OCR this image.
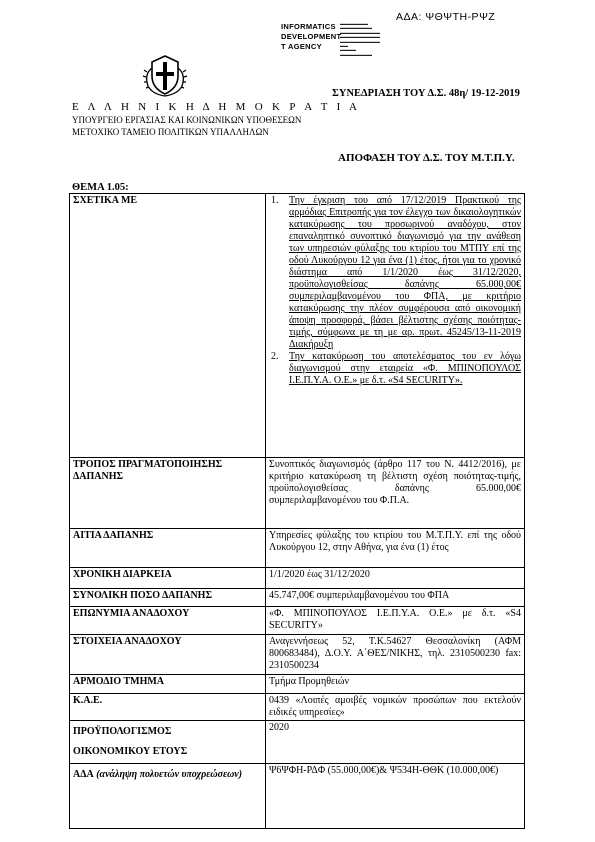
ΑΔΑ: ΨΘΨΤΗ-ΡΨΖ
INFORMATICS
DEVELOPMENT
T AGENCY
▬▬▬▬▬▬▬
▬▬▬▬▬▬▬▬
▬▬▬▬▬▬▬▬▬▬
▬▬▬▬▬▬▬▬▬▬
▬▬▬▬▬▬▬▬▬▬
▬▬
▬▬▬▬
▬▬▬▬▬▬▬▬
ΣΥΝΕΔΡΙΑΣΗ ΤΟΥ Δ.Σ. 48η/ 19-12-2019
Ε Λ Λ Η Ν Ι Κ Η Δ Η Μ Ο Κ Ρ Α Τ Ι Α
ΥΠΟΥΡΓΕΙΟ ΕΡΓΑΣΙΑΣ ΚΑΙ ΚΟΙΝΩΝΙΚΩΝ ΥΠΟΘΕΣΕΩΝ
ΜΕΤΟΧΙΚΟ ΤΑΜΕΙΟ ΠΟΛΙΤΙΚΩΝ ΥΠΑΛΛΗΛΩΝ
ΑΠΟΦΑΣΗ ΤΟΥ Δ.Σ. ΤΟΥ Μ.Τ.Π.Υ.
ΘΕΜΑ 1.05:
ΣΧΕΤΙΚΑ ΜΕ	1. Την έγκριση του από 17/12/2019 Πρακτικού της αρμόδιας Επιτροπής για τον έλεγχο των δικαιολογητικών κατακύρωσης του προσωρινού αναδόχου, στον επαναληπτικό συνοπτικό διαγωνισμό για την ανάθεση των υπηρεσιών φύλαξης του κτιρίου του ΜΤΠΥ επί της οδού Λυκούργου 12 για ένα (1) έτος, ήτοι για το χρονικό διάστημα από 1/1/2020 έως 31/12/2020, προϋπολογισθείσας δαπάνης 65.000,00€ συμπεριλαμβανομένου του ΦΠΑ, με κριτήριο κατακύρωσης την πλέον συμφέρουσα από οικονομική άποψη προσφορά, βάσει βέλτιστης σχέσης ποιότητας-τιμής, σύμφωνα με τη με αρ. πρωτ. 45245/13-11-2019 Διακήρυξη
2. Την κατακύρωση του αποτελέσματος του εν λόγω διαγωνισμού στην εταιρεία «Φ. ΜΠΙΝΟΠΟΥΛΟΣ Ι.Ε.Π.Υ.Α. Ο.Ε.» με δ.τ. «S4 SECURITY».

ΤΡΟΠΟΣ ΠΡΑΓΜΑΤΟΠΟΙΗΣΗΣ ΔΑΠΑΝΗΣ	Συνοπτικός διαγωνισμός (άρθρο 117 του Ν. 4412/2016), με κριτήριο κατακύρωση τη βέλτιστη σχέση ποιότητας-τιμής, προϋπολογισθείσας δαπάνης 65.000,00€ συμπεριλαμβανομένου του Φ.Π.Α.
ΑΙΤΙΑ ΔΑΠΑΝΗΣ	Υπηρεσίες φύλαξης του κτιρίου του Μ.Τ.Π.Υ. επί της οδού Λυκούργου 12, στην Αθήνα, για ένα (1) έτος
ΧΡΟΝΙΚΗ ΔΙΑΡΚΕΙΑ	1/1/2020 έως 31/12/2020
ΣΥΝΟΛΙΚΗ ΠΟΣΟ ΔΑΠΑΝΗΣ	45.747,00€ συμπεριλαμβανομένου του ΦΠΑ
ΕΠΩΝΥΜΙΑ ΑΝΑΔΟΧΟΥ	«Φ. ΜΠΙΝΟΠΟΥΛΟΣ Ι.Ε.Π.Υ.Α. Ο.Ε.» με δ.τ. «S4 SECURITY»
ΣΤΟΙΧΕΙΑ ΑΝΑΔΟΧΟΥ	Αναγεννήσεως 52, Τ.Κ.54627 Θεσσαλονίκη (ΑΦΜ 800683484), Δ.Ο.Υ. Α΄ΘΕΣ/ΝΙΚΗΣ, τηλ. 2310500230 fax: 2310500234
ΑΡΜΟΔΙΟ ΤΜΗΜΑ	Τμήμα Προμηθειών
Κ.Α.Ε.	0439 «Λοιπές αμοιβές νομικών προσώπων που εκτελούν ειδικές υπηρεσίες»

ΠΡΟΫΠΟΛΟΓΙΣΜΟΣ
ΟΙΚΟΝΟΜΙΚΟΥ ΕΤΟΥΣ	2020
ΑΔΑ (ανάληψη πολυετών υποχρεώσεων)	Ψ6ΨΦΗ-ΡΔΦ (55.000,00€)& Ψ534Η-ΘΘΚ (10.000,00€)
